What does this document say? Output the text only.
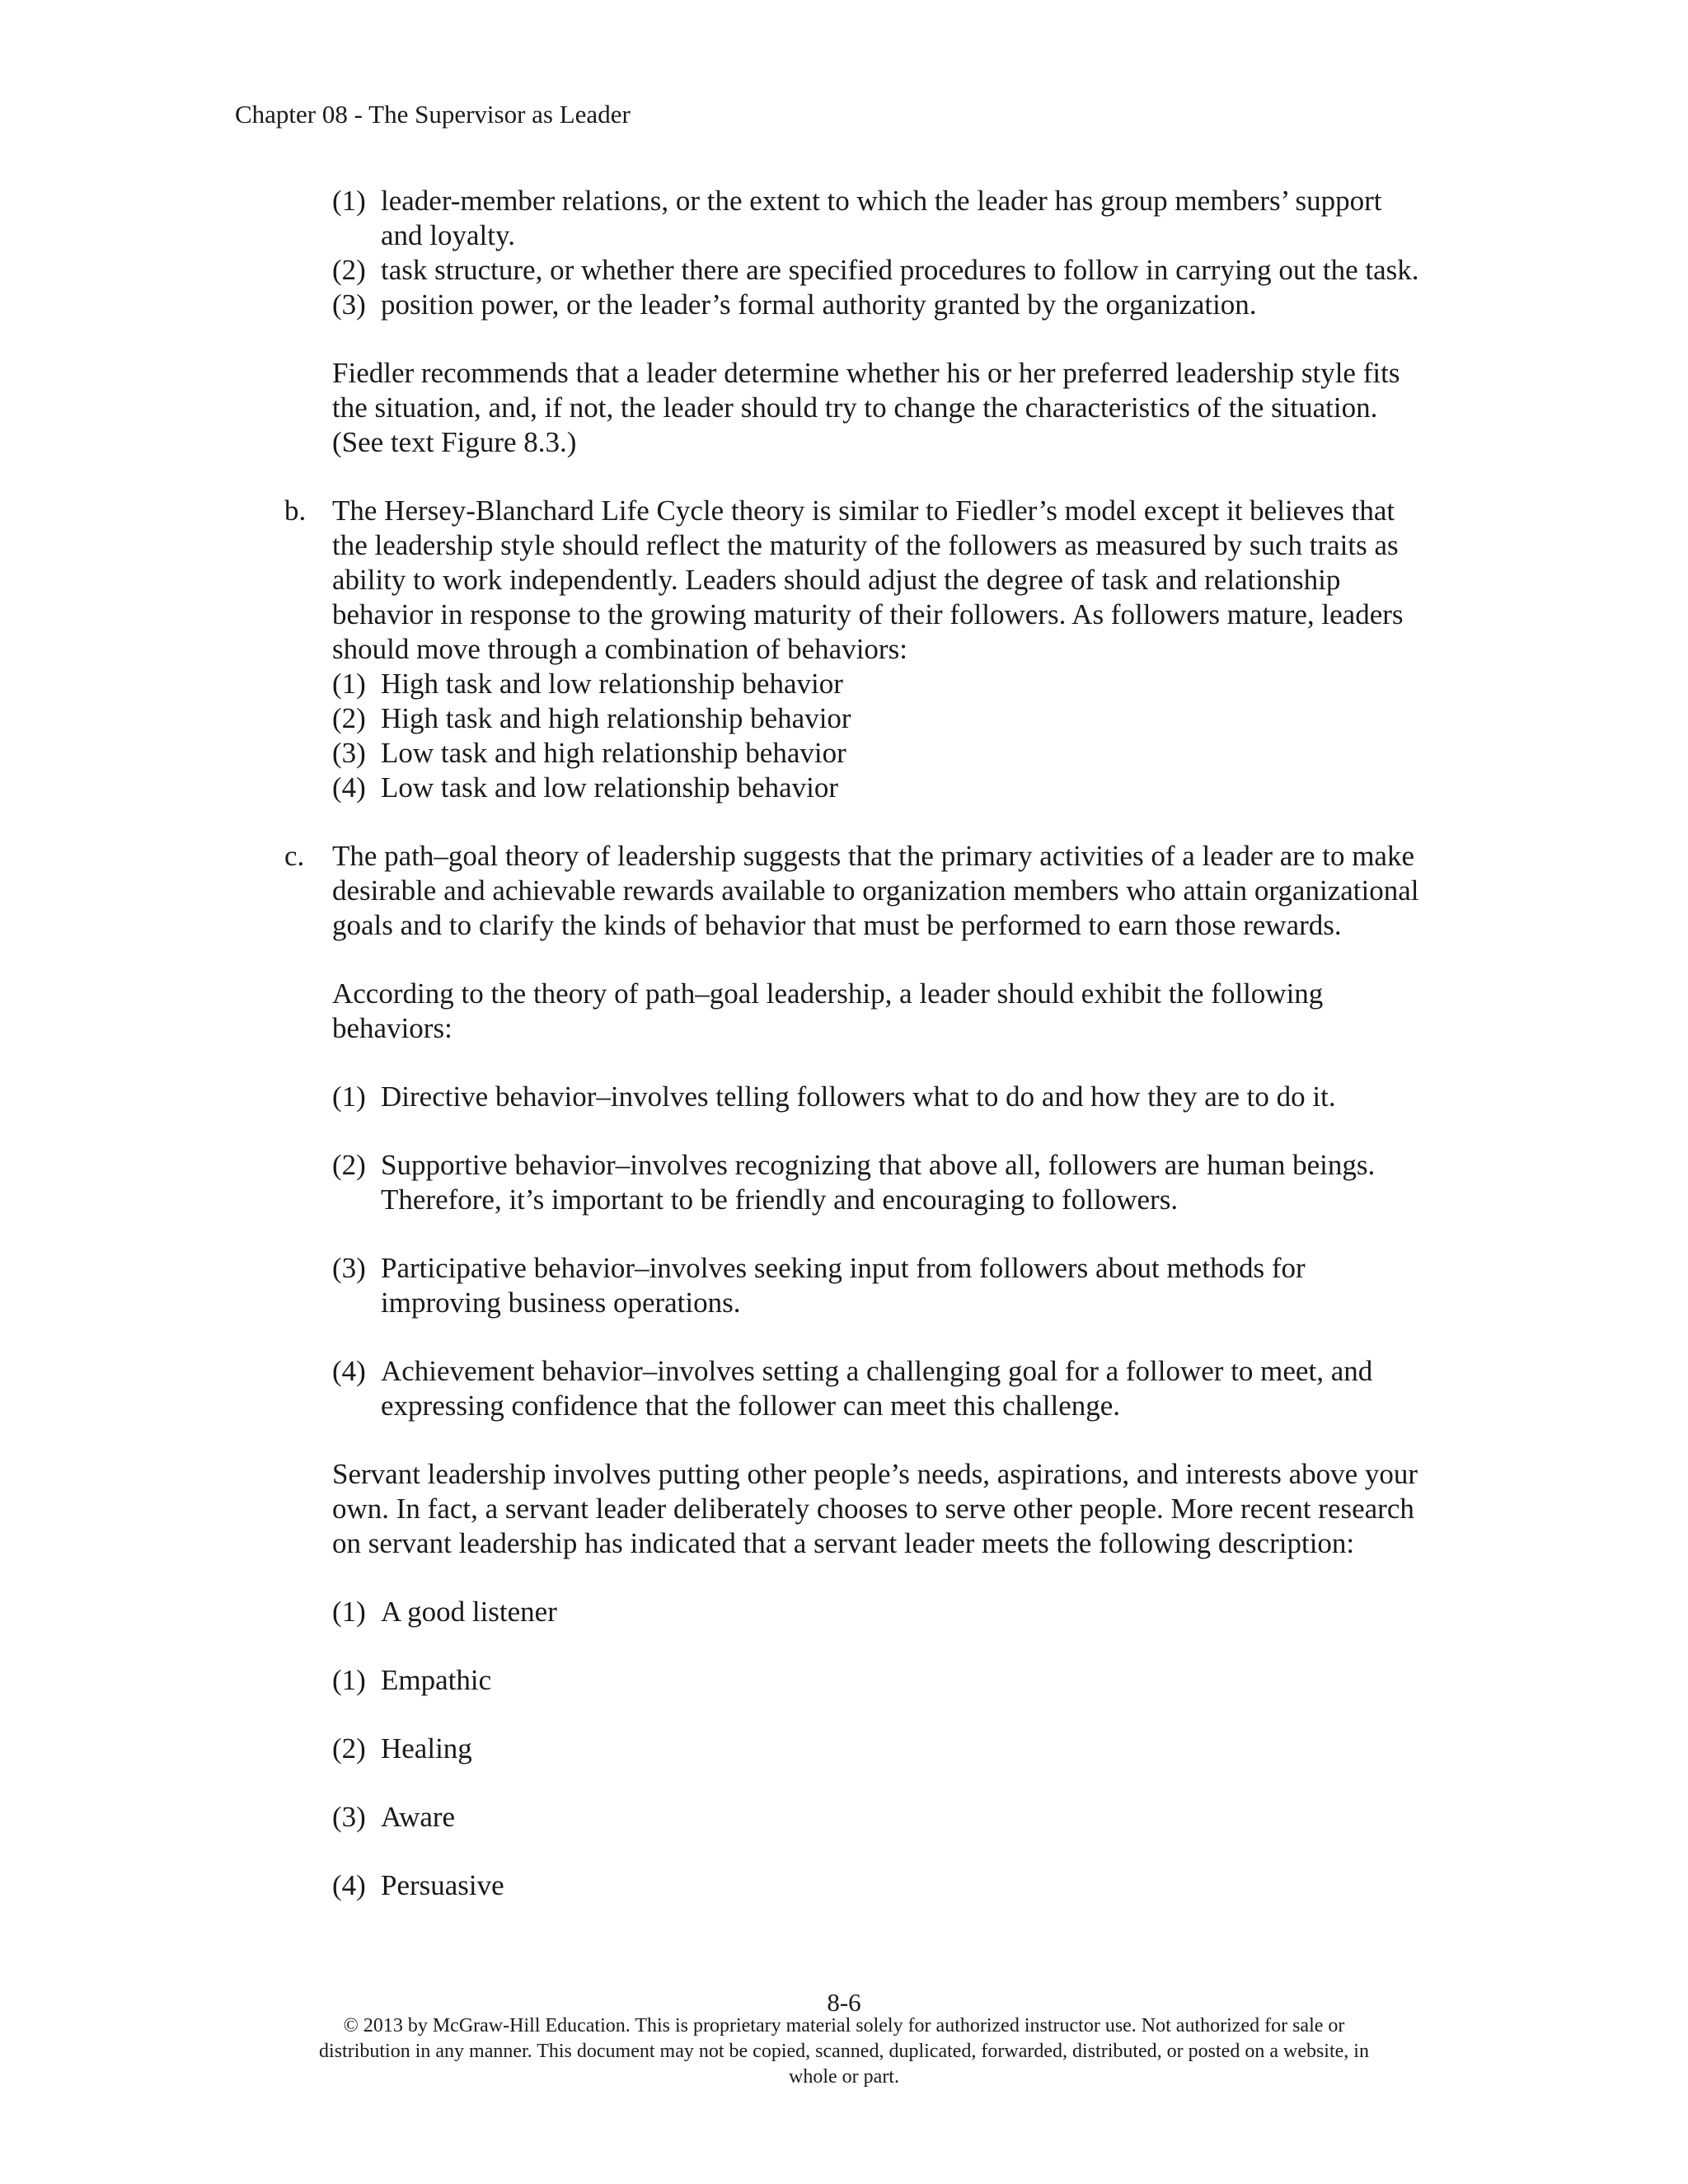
Chapter 08 - The Supervisor as Leader
(1) leader-member relations, or the extent to which the leader has group members’ support
and loyalty.
(2) task structure, or whether there are specified procedures to follow in carrying out the task.
(3) position power, or the leader’s formal authority granted by the organization.
Fiedler recommends that a leader determine whether his or her preferred leadership style fits
the situation, and, if not, the leader should try to change the characteristics of the situation.
(See text Figure 8.3.)
b. The Hersey-Blanchard Life Cycle theory is similar to Fiedler’s model except it believes that
the leadership style should reflect the maturity of the followers as measured by such traits as
ability to work independently. Leaders should adjust the degree of task and relationship
behavior in response to the growing maturity of their followers. As followers mature, leaders
should move through a combination of behaviors:
(1) High task and low relationship behavior
(2) High task and high relationship behavior
(3) Low task and high relationship behavior
(4) Low task and low relationship behavior
c. The path–goal theory of leadership suggests that the primary activities of a leader are to make
desirable and achievable rewards available to organization members who attain organizational
goals and to clarify the kinds of behavior that must be performed to earn those rewards.
According to the theory of path–goal leadership, a leader should exhibit the following
behaviors:
(1) Directive behavior–involves telling followers what to do and how they are to do it.
(2) Supportive behavior–involves recognizing that above all, followers are human beings.
Therefore, it’s important to be friendly and encouraging to followers.
(3) Participative behavior–involves seeking input from followers about methods for
improving business operations.
(4) Achievement behavior–involves setting a challenging goal for a follower to meet, and
expressing confidence that the follower can meet this challenge.
Servant leadership involves putting other people’s needs, aspirations, and interests above your
own. In fact, a servant leader deliberately chooses to serve other people. More recent research
on servant leadership has indicated that a servant leader meets the following description:
(1) A good listener
(1) Empathic
(2) Healing
(3) Aware
(4) Persuasive
8-6
© 2013 by McGraw-Hill Education. This is proprietary material solely for authorized instructor use. Not authorized for sale or
distribution in any manner. This document may not be copied, scanned, duplicated, forwarded, distributed, or posted on a website, in
whole or part.
